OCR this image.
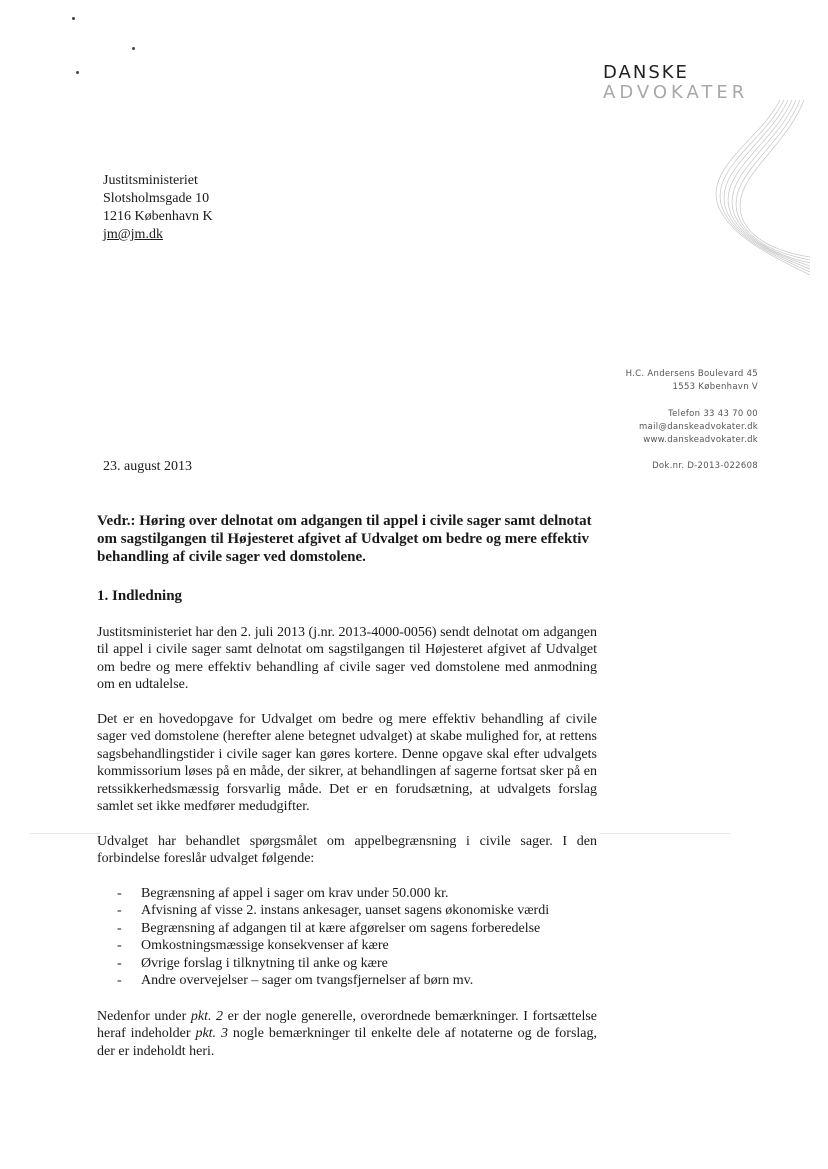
DANSKE
ADVOKATER
Justitsministeriet
Slotsholmsgade 10
1216 København K
jm@jm.dk
H.C. Andersens Boulevard 45
1553 København V
Telefon 33 43 70 00
mail@danskeadvokater.dk
www.danskeadvokater.dk
Dok.nr. D-2013-022608
23. august 2013

Vedr.: Høring over delnotat om adgangen til appel i civile sager samt delnotat om sagstilgangen til Højesteret afgivet af Udvalget om bedre og mere effektiv behandling af civile sager ved domstolene.

1. Indledning

Justitsministeriet har den 2. juli 2013 (j.nr. 2013-4000-0056) sendt delnotat om adgangen til appel i civile sager samt delnotat om sagstilgangen til Højesteret afgivet af Udvalget om bedre og mere effektiv behandling af civile sager ved domstolene med anmodning om en udtalelse.

Det er en hovedopgave for Udvalget om bedre og mere effektiv behandling af civile sager ved domstolene (herefter alene betegnet udvalget) at skabe mulighed for, at rettens sagsbehandlingstider i civile sager kan gøres kortere. Denne opgave skal efter udvalgets kommissorium løses på en måde, der sikrer, at behandlingen af sagerne fortsat sker på en retssikkerhedsmæssig forsvarlig måde. Det er en forudsætning, at udvalgets forslag samlet set ikke medfører medudgifter.

Udvalget har behandlet spørgsmålet om appelbegrænsning i civile sager. I den forbindelse foreslår udvalget følgende:

- Begrænsning af appel i sager om krav under 50.000 kr.
- Afvisning af visse 2. instans ankesager, uanset sagens økonomiske værdi
- Begrænsning af adgangen til at kære afgørelser om sagens forberedelse
- Omkostningsmæssige konsekvenser af kære
- Øvrige forslag i tilknytning til anke og kære
- Andre overvejelser – sager om tvangsfjernelser af børn mv.

Nedenfor under pkt. 2 er der nogle generelle, overordnede bemærkninger. I fortsættelse heraf indeholder pkt. 3 nogle bemærkninger til enkelte dele af notaterne og de forslag, der er indeholdt heri.
